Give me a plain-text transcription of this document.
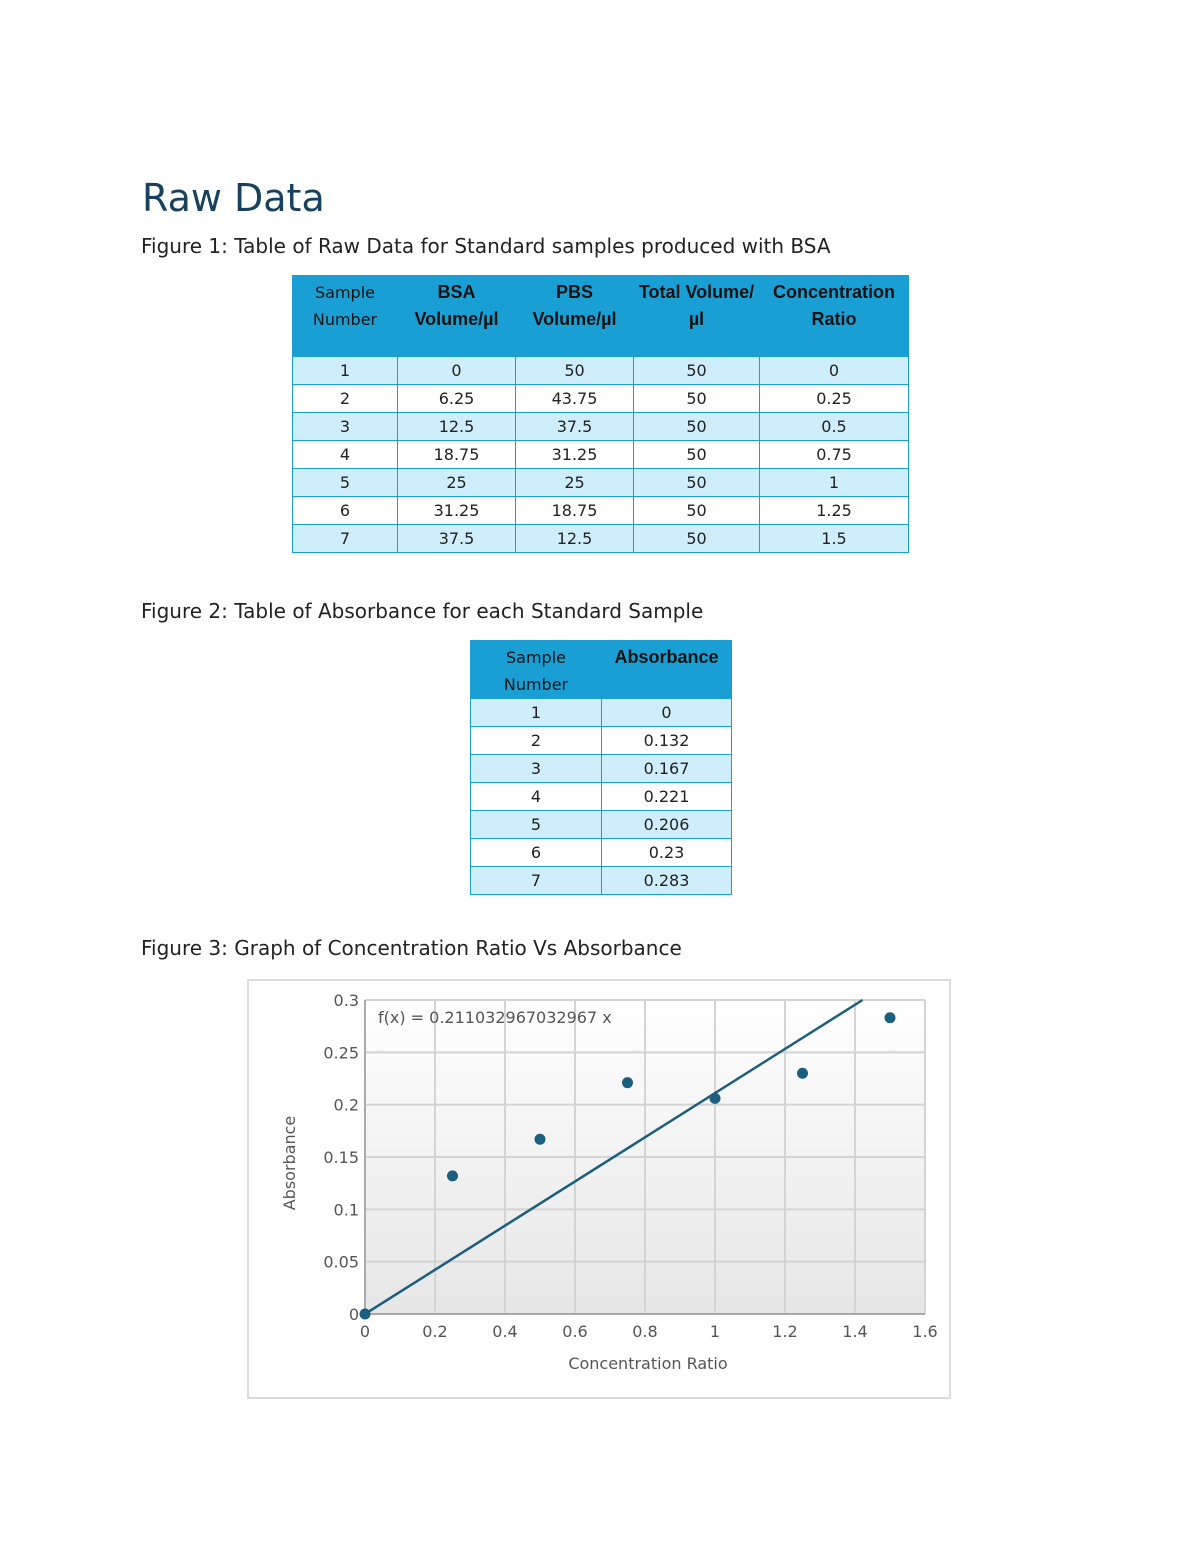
Raw Data

Figure 1: Table of Raw Data for Standard samples produced with BSA

Sample Number	BSA Volume/µl	PBS Volume/µl	Total Volume/µl	Concentration Ratio
1	0	50	50	0
2	6.25	43.75	50	0.25
3	12.5	37.5	50	0.5
4	18.75	31.25	50	0.75
5	25	25	50	1
6	31.25	18.75	50	1.25
7	37.5	12.5	50	1.5

Figure 2: Table of Absorbance for each Standard Sample

Sample Number	Absorbance
1	0
2	0.132
3	0.167
4	0.221
5	0.206
6	0.23
7	0.283

Figure 3: Graph of Concentration Ratio Vs Absorbance

0	0.2	0.4	0.6	0.8	1	1.2	1.4	1.6
0
0.05
0.1
0.15
0.2
0.25
0.3
Concentration Ratio
Absorbance
f(x) = 0.211032967032967 x
